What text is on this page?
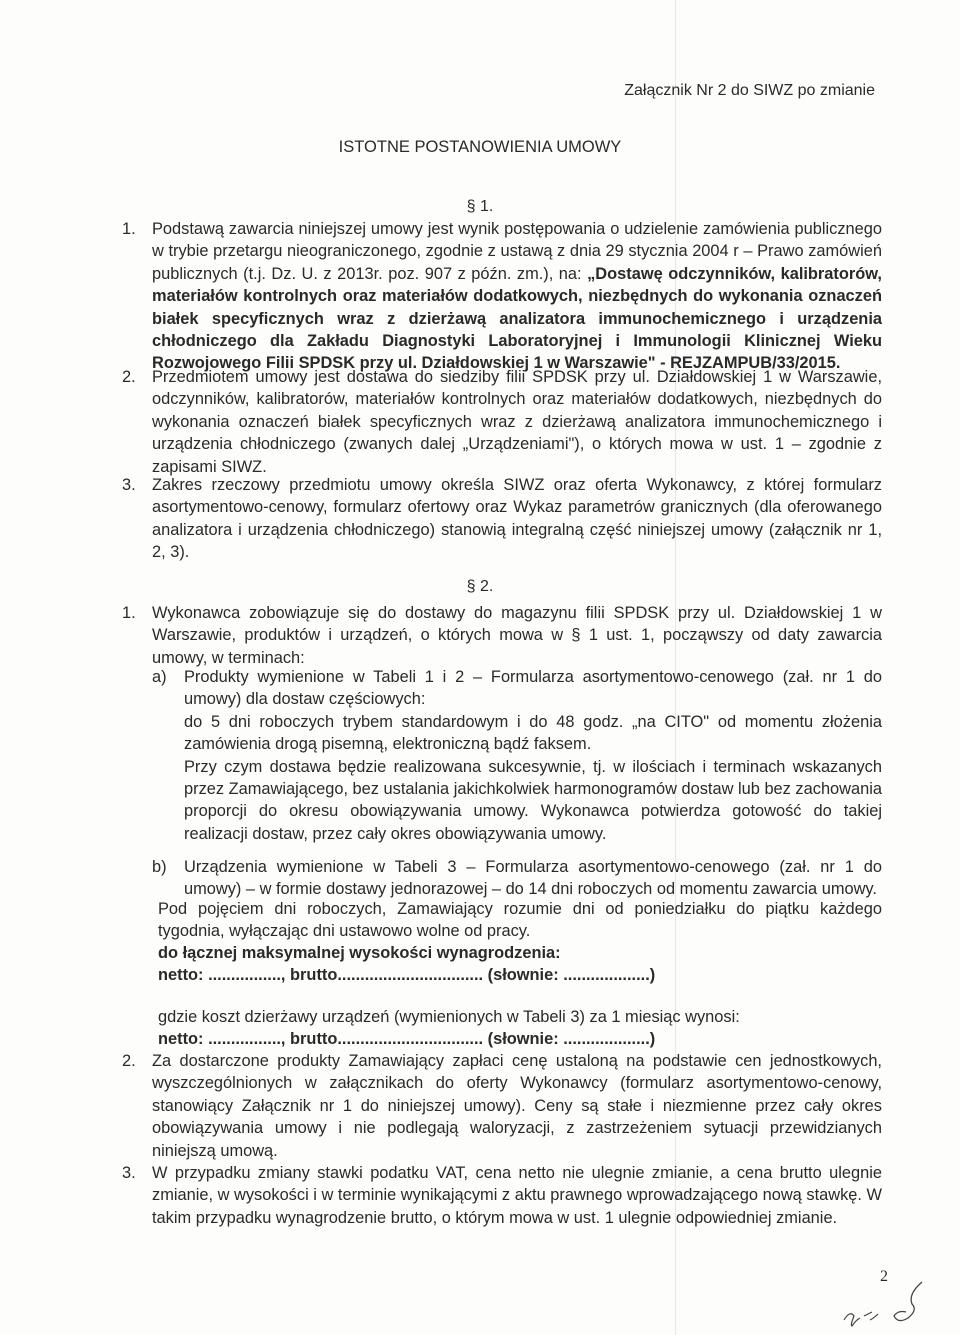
Załącznik Nr 2 do SIWZ po zmianie
ISTOTNE POSTANOWIENIA UMOWY
§ 1.
1. Podstawą zawarcia niniejszej umowy jest wynik postępowania o udzielenie zamówienia publicznego w trybie przetargu nieograniczonego, zgodnie z ustawą z dnia 29 stycznia 2004 r – Prawo zamówień publicznych (t.j. Dz. U. z 2013r. poz. 907 z późn. zm.), na: „Dostawę odczynników, kalibratorów, materiałów kontrolnych oraz materiałów dodatkowych, niezbędnych do wykonania oznaczeń białek specyficznych wraz z dzierżawą analizatora immunochemicznego i urządzenia chłodniczego dla Zakładu Diagnostyki Laboratoryjnej i Immunologii Klinicznej Wieku Rozwojowego Filii SPDSK przy ul. Działdowskiej 1 w Warszawie" - REJZAMPUB/33/2015.
2. Przedmiotem umowy jest dostawa do siedziby filii SPDSK przy ul. Działdowskiej 1 w Warszawie, odczynników, kalibratorów, materiałów kontrolnych oraz materiałów dodatkowych, niezbędnych do wykonania oznaczeń białek specyficznych wraz z dzierżawą analizatora immunochemicznego i urządzenia chłodniczego (zwanych dalej „Urządzeniami"), o których mowa w ust. 1 – zgodnie z zapisami SIWZ.
3. Zakres rzeczowy przedmiotu umowy określa SIWZ oraz oferta Wykonawcy, z której formularz asortymentowo-cenowy, formularz ofertowy oraz Wykaz parametrów granicznych (dla oferowanego analizatora i urządzenia chłodniczego) stanowią integralną część niniejszej umowy (załącznik nr 1, 2, 3).
§ 2.
1. Wykonawca zobowiązuje się do dostawy do magazynu filii SPDSK przy ul. Działdowskiej 1 w Warszawie, produktów i urządzeń, o których mowa w § 1 ust. 1, począwszy od daty zawarcia umowy, w terminach:
a) Produkty wymienione w Tabeli 1 i 2 – Formularza asortymentowo-cenowego (zał. nr 1 do umowy) dla dostaw częściowych:
do 5 dni roboczych trybem standardowym i do 48 godz. „na CITO" od momentu złożenia zamówienia drogą pisemną, elektroniczną bądź faksem.
Przy czym dostawa będzie realizowana sukcesywnie, tj. w ilościach i terminach wskazanych przez Zamawiającego, bez ustalania jakichkolwiek harmonogramów dostaw lub bez zachowania proporcji do okresu obowiązywania umowy. Wykonawca potwierdza gotowość do takiej realizacji dostaw, przez cały okres obowiązywania umowy.
b) Urządzenia wymienione w Tabeli 3 – Formularza asortymentowo-cenowego (zał. nr 1 do umowy) – w formie dostawy jednorazowej – do 14 dni roboczych od momentu zawarcia umowy.
Pod pojęciem dni roboczych, Zamawiający rozumie dni od poniedziałku do piątku każdego tygodnia, wyłączając dni ustawowo wolne od pracy.
do łącznej maksymalnej wysokości wynagrodzenia:
netto: ................, brutto................................ (słownie: ...................)
gdzie koszt dzierżawy urządzeń (wymienionych w Tabeli 3) za 1 miesiąc wynosi:
netto: ................, brutto................................ (słownie: ...................)
2. Za dostarczone produkty Zamawiający zapłaci cenę ustaloną na podstawie cen jednostkowych, wyszczególnionych w załącznikach do oferty Wykonawcy (formularz asortymentowo-cenowy, stanowiący Załącznik nr 1 do niniejszej umowy). Ceny są stałe i niezmienne przez cały okres obowiązywania umowy i nie podlegają waloryzacji, z zastrzeżeniem sytuacji przewidzianych niniejszą umową.
3. W przypadku zmiany stawki podatku VAT, cena netto nie ulegnie zmianie, a cena brutto ulegnie zmianie, w wysokości i w terminie wynikającymi z aktu prawnego wprowadzającego nową stawkę. W takim przypadku wynagrodzenie brutto, o którym mowa w ust. 1 ulegnie odpowiedniej zmianie.
2
